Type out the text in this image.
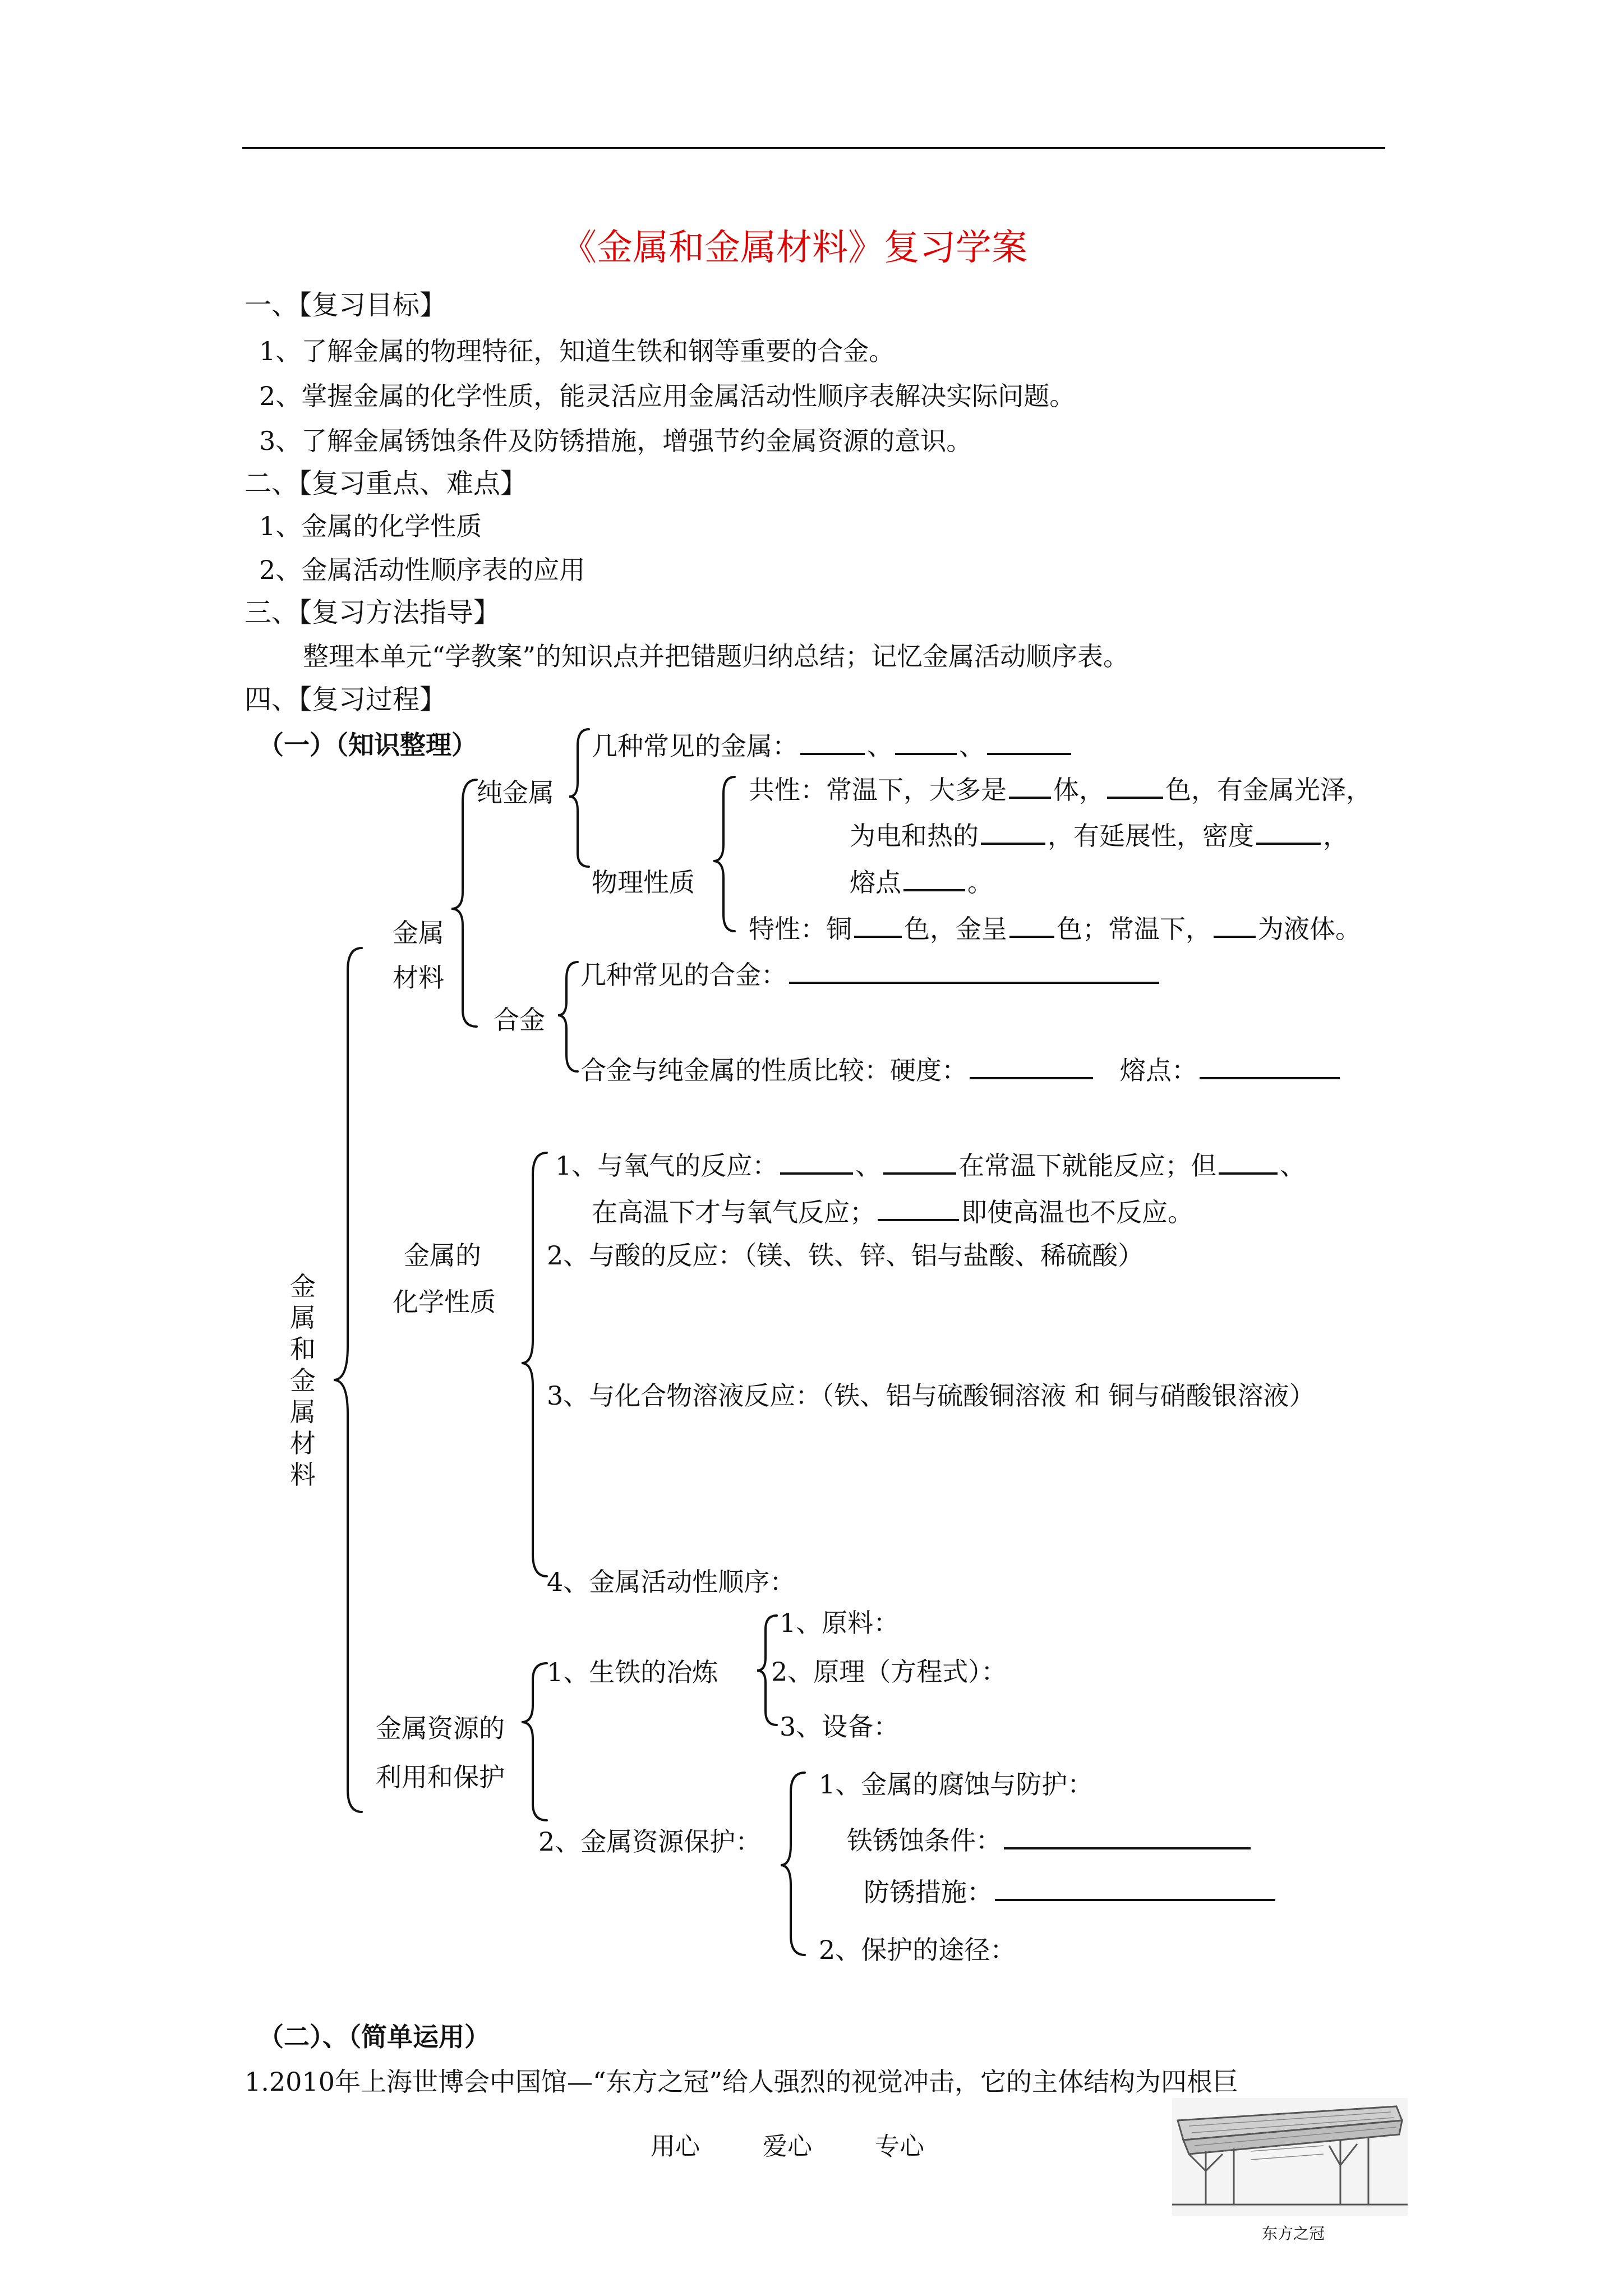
《金属和金属材料》复习学案
一、【复习目标】
1、了解金属的物理特征，知道生铁和钢等重要的合金。
2、掌握金属的化学性质，能灵活应用金属活动性顺序表解决实际问题。
3、了解金属锈蚀条件及防锈措施，增强节约金属资源的意识。
二、【复习重点、难点】
1、金属的化学性质
2、金属活动性顺序表的应用
三、【复习方法指导】
整理本单元“学教案”的知识点并把错题归纳总结；记忆金属活动顺序表。
四、【复习过程】
（一）（知识整理）
金属和金属材料
金属
材料
纯金属
几种常见的金属：	、	、
物理性质
共性：常温下，大多是 体， 色，有金属光泽，
为电和热的	，有延展性，密度	，
熔点	。
特性：铜 色，金呈 色；常温下， 为液体。
合金
几种常见的合金：
合金与纯金属的性质比较：硬度：	熔点：
金属的
化学性质
1、与氧气的反应：	、	在常温下就能反应；但 、
在高温下才与氧气反应；	即使高温也不反应。
2、与酸的反应：（镁、铁、锌、铝与盐酸、稀硫酸）
3、与化合物溶液反应：（铁、铝与硫酸铜溶液 和 铜与硝酸银溶液）
4、金属活动性顺序：
金属资源的
利用和保护
1、生铁的冶炼
1、原料：
2、原理（方程式）：
3、设备：
2、金属资源保护：
1、金属的腐蚀与防护：
铁锈蚀条件：
防锈措施：
2、保护的途径：
（二）、（简单运用）
1.2010年上海世博会中国馆—“东方之冠”给人强烈的视觉冲击，它的主体结构为四根巨
用心	爱心	专心
东方之冠
